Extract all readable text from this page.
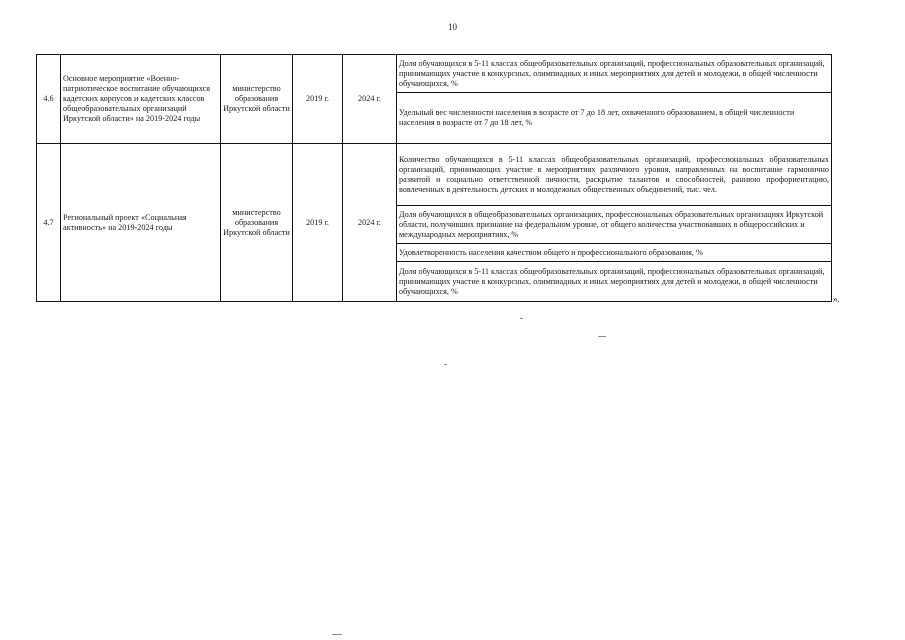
10
4.6	Основное мероприятие «Военно-патриотическое воспитание обучающихся кадетских корпусов и кадетских классов общеобразовательных организаций Иркутской области» на 2019-2024 годы	министерство образования Иркутской области	2019 г.	2024 г.	Доля обучающихся в 5-11 классах общеобразовательных организаций, профессиональных образовательных организаций, принимающих участие в конкурсных, олимпиадных и иных мероприятиях для детей и молодежи, в общей численности обучающихся, %
					Удельный вес численности населения в возрасте от 7 до 18 лет, охваченного образованием, в общей численности населения в возрасте от 7 до 18 лет, %
4.7	Региональный проект «Социальная активность» на 2019-2024 годы	министерство образования Иркутской области	2019 г.	2024 г.	Количество обучающихся в 5-11 классах общеобразовательных организаций, профессиональных образовательных организаций, принимающих участие в мероприятиях различного уровня, направленных на воспитание гармонично развитой и социально ответственной личности, раскрытие талантов и способностей, раннюю профориентацию, вовлеченных в деятельность детских и молодежных общественных объединений, тыс. чел.
					Доля обучающихся в общеобразовательных организациях, профессиональных образовательных организациях Иркутской области, получивших признание на федеральном уровне, от общего количества участвовавших в общероссийских и международных мероприятиях, %
					Удовлетворенность населения качеством общего и профессионального образования, %
					Доля обучающихся в 5-11 классах общеобразовательных организаций, профессиональных образовательных организаций, принимающих участие в конкурсных, олимпиадных и иных мероприятиях для детей и молодежи, в общей численности обучающихся, %
».
